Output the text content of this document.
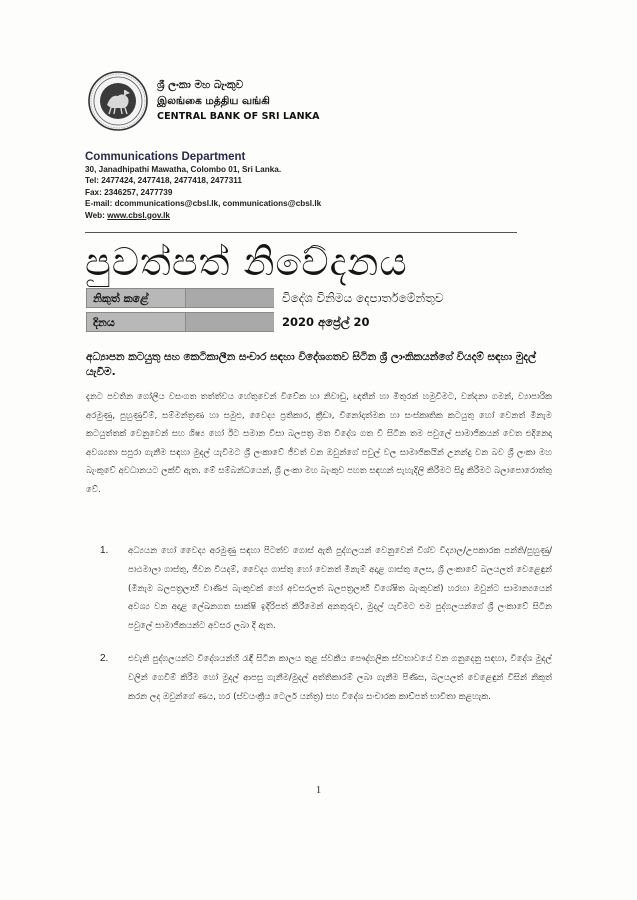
ශ්‍රී ලංකා මහ බැංකුව
இலங்கை மத்திய வங்கி
CENTRAL BANK OF SRI LANKA
Communications Department
30, Janadhipathi Mawatha, Colombo 01, Sri Lanka.
Tel: 2477424, 2477418, 2477418, 2477311
Fax: 2346257, 2477739
E-mail: dcommunications@cbsl.lk, communications@cbsl.lk
Web: www.cbsl.gov.lk
පුවත්පත් නිවේදනය
නිකුත් කළේ	විදේශ විනිමය දෙපාර්තමේන්තුව
දිනය	2020 අප්‍රේල් 20
අධ්‍යාපන කටයුතු සහ කෙටිකාලීන සංචාර සඳහා විදේශගතව සිටින ශ්‍රී ලාංකිකයන්ගේ වියදම් සඳහා මුදල් යැවීම.
දැනට පවතින ගෝලීය වසංගත තත්ත්වය හේතුවෙන් විවේක හා නිවාඩු, ඥාතීන් හා මිතුරන් හමුවීමට, වන්දනා ගමන්, ව්‍යාපාරික අරමුණු, පුහුණුවීම්, සම්මන්ත්‍රණ හා සමුළු, වෛද්‍ය ප්‍රතිකාර, ක්‍රීඩා, විනෝදාත්මක හා සංස්කෘතික කටයුතු හෝ වෙනත් මීනැම කටයුත්තක් වෙනුවෙන් සහ ශිෂ්‍ය හෝ ඊට සමාන වීසා බලපත්‍ර මත විදේශ ගත වී සිටින තම පවුලේ සාමාජිකයන් වෙත එදිනෙදා අවශ්‍යතා සපුරා ගැනීම සඳහා මුදල් යැවීමට ශ්‍රී ලංකාවේ ජීවත් වන ඔවුන්ගේ පවුල් වල සාමාජිකයින් උනන්දු වන බව ශ්‍රී ලංකා මහ බැංකුවේ අවධානයට ලක්වී ඇත. මේ සම්බන්ධයෙන්, ශ්‍රී ලංකා මහ බැංකුව පහත සඳහන් පැහැදිලි කිරීමට සිදු කිරීමට බලාපොරොත්තු වේ.
1. අධ්‍යයන හෝ වෛද්‍ය අරමුණු සඳහා පිටත්ව ගොස් ඇති පුද්ගලයන් වෙනුවෙන් විශ්ව විද්‍යාල/උපකාරක පන්ති/පුහුණු/පාඨමාලා ගාස්තු, ජීවන වියදම්, වෛද්‍ය ගාස්තු හෝ වෙනත් මීනැම් අදාළ ගාස්තු ලෙස, ශ්‍රී ලංකාවේ බලයලත් වෙළෙඳුන් (මීනැම බලපත්‍රලාභී වාණිජ බැංකුවක් හෝ අවසරලත් බලපත්‍රලාභී විශේෂිත බැංකුවක්) හරහා ඔවුන්ට සාමාන්‍යයෙන් අවශ්‍ය වන අදාළ ලේඛනගත සාක්ෂි ඉදිරිපත් කිරීමෙන් අනතුරුව, මුදල් යැවීමට එම පුද්ගලයන්ගේ ශ්‍රී ලංකාවේ සිටින පවුලේ සාමාජිකයන්ට අවසර ලබා දී ඇත.
2. එවැනි පුද්ගලයන්ට විදේශයන්හි රැඳී සිටින කාලය තුළ ස්වකීය පෞද්ගලික ස්වභාවයේ වන ගනුදෙනු සඳහා, විදේශ මුදල් වලින් ගෙවීම් කිරීම හෝ මුදල් ආපසු ගැනීම/මුදල් අත්තිකාරම් ලබා ගැනීම පිණිස, බලයලත් වෙළෙඳුන් විසින් නිකුත් කරන ලද ඔවුන්ගේ ණය, හර (ස්වයංක්‍රීය ටෙලර් යන්ත්‍ර) සහ විදේශ සංචාරක කාඩ්පත් භාවිතා කළහැක.
1
